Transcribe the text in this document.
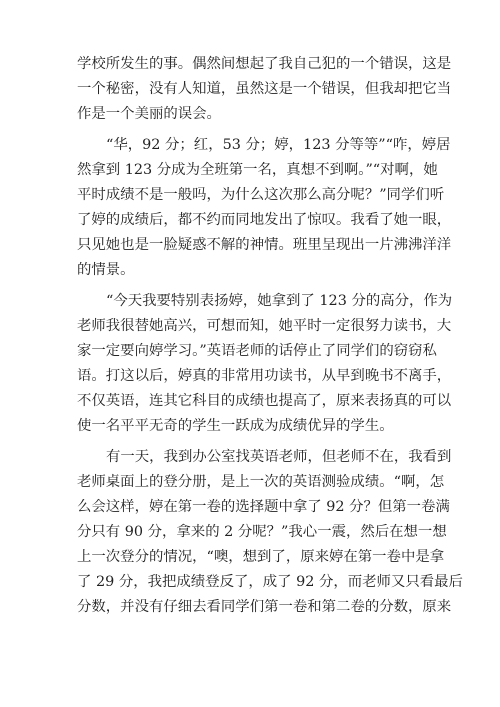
学校所发生的事。偶然间想起了我自己犯的一个错误，这是
一个秘密，没有人知道，虽然这是一个错误，但我却把它当
作是一个美丽的误会。
“华，92 分；红，53 分；婷，123 分等等”“咋，婷居
然拿到 123 分成为全班第一名，真想不到啊。”“对啊，她
平时成绩不是一般吗，为什么这次那么高分呢？”同学们听
了婷的成绩后，都不约而同地发出了惊叹。我看了她一眼，
只见她也是一脸疑惑不解的神情。班里呈现出一片沸沸洋洋
的情景。
“今天我要特别表扬婷，她拿到了 123 分的高分，作为
老师我很替她高兴，可想而知，她平时一定很努力读书，大
家一定要向婷学习。”英语老师的话停止了同学们的窃窃私
语。打这以后，婷真的非常用功读书，从早到晚书不离手，
不仅英语，连其它科目的成绩也提高了，原来表扬真的可以
使一名平平无奇的学生一跃成为成绩优异的学生。
有一天，我到办公室找英语老师，但老师不在，我看到
老师桌面上的登分册，是上一次的英语测验成绩。“啊，怎
么会这样，婷在第一卷的选择题中拿了 92 分？但第一卷满
分只有 90 分，拿来的 2 分呢？”我心一震，然后在想一想
上一次登分的情况，“噢，想到了，原来婷在第一卷中是拿
了 29 分，我把成绩登反了，成了 92 分，而老师又只看最后
分数，并没有仔细去看同学们第一卷和第二卷的分数，原来
